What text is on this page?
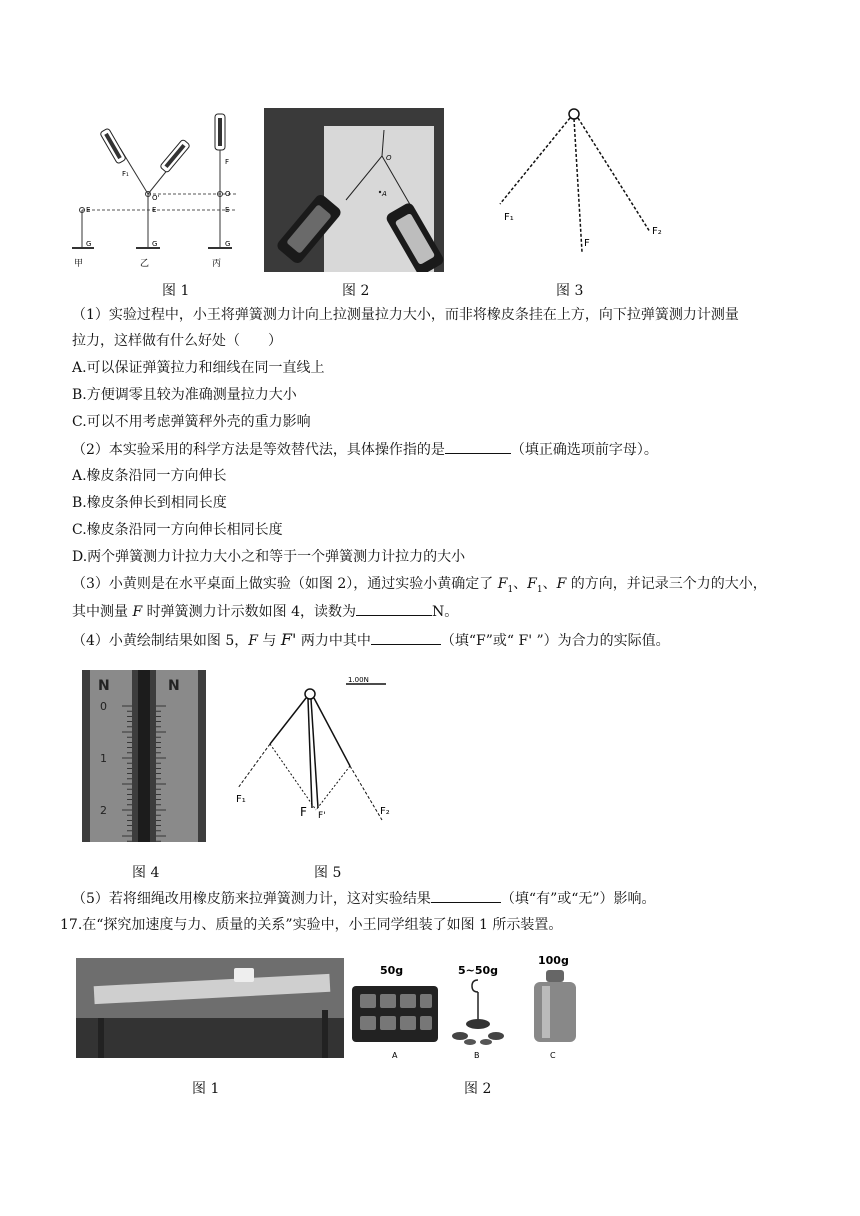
E
G
甲
F₁
O'
E
G
乙
F
O
E
G
丙
图 1
O
A
图 2
F₁
F
F₂
图 3
（1）实验过程中，小王将弹簧测力计向上拉测量拉力大小，而非将橡皮条挂在上方，向下拉弹簧测力计测量
拉力，这样做有什么好处（　　）
A.可以保证弹簧拉力和细线在同一直线上
B.方便调零且较为准确测量拉力大小
C.可以不用考虑弹簧秤外壳的重力影响
（2）本实验采用的科学方法是等效替代法，具体操作指的是	（填正确选项前字母）。
A.橡皮条沿同一方向伸长
B.橡皮条伸长到相同长度
C.橡皮条沿同一方向伸长相同长度
D.两个弹簧测力计拉力大小之和等于一个弹簧测力计拉力的大小
（3）小黄则是在水平桌面上做实验（如图 2），通过实验小黄确定了 $F_1$、$F_1$、F 的方向，并记录三个力的大小，
其中测量 F 时弹簧测力计示数如图 4，读数为	N。
（4）小黄绘制结果如图 5，F 与 F' 两力中其中	（填“F”或“ F' ”）为合力的实际值。
N	N
0
1
2
图 4
1.00N
F₁
F F'	F₂
图 5
（5）若将细绳改用橡皮筋来拉弹簧测力计，这对实验结果	（填“有”或“无”）影响。
17.在“探究加速度与力、质量的关系”实验中，小王同学组装了如图 1 所示装置。
图 1
50g
A
5~50g
B
100g
C
图 2
